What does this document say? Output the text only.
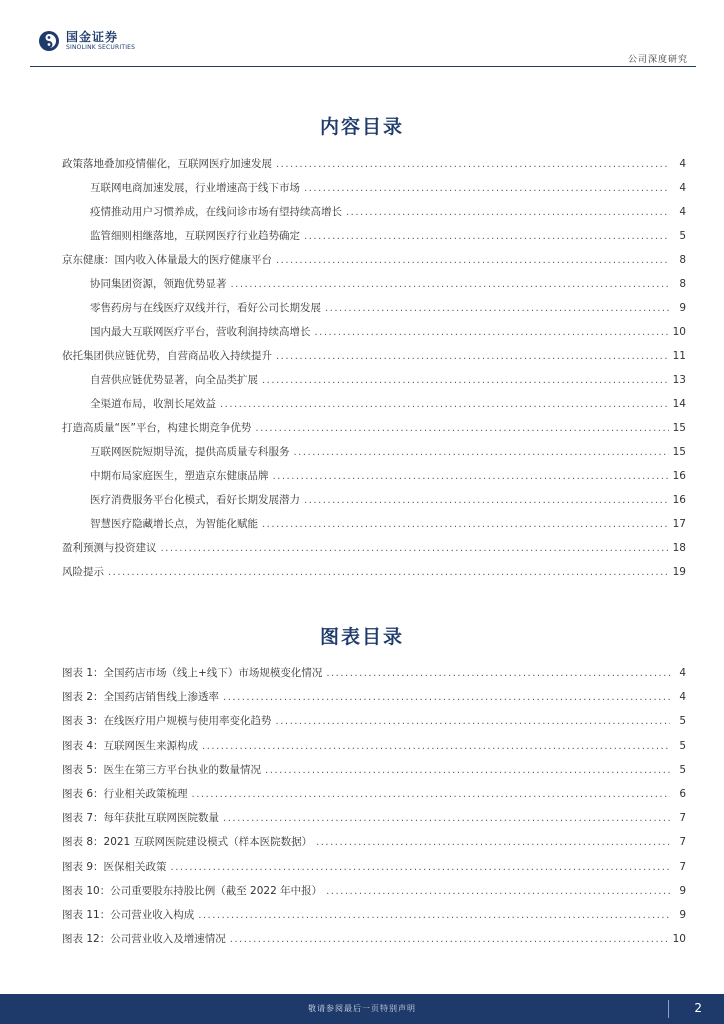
国金证券
SINOLINK SECURITIES
公司深度研究
内容目录
政策落地叠加疫情催化，互联网医疗加速发展 .....	4
互联网电商加速发展，行业增速高于线下市场 .....	4
疫情推动用户习惯养成，在线问诊市场有望持续高增长 .....	4
监管细则相继落地，互联网医疗行业趋势确定 .....	5
京东健康：国内收入体量最大的医疗健康平台 .....	8
协同集团资源，领跑优势显著 .....	8
零售药房与在线医疗双线并行，看好公司长期发展 .....	9
国内最大互联网医疗平台，营收利润持续高增长 .....	10
依托集团供应链优势，自营商品收入持续提升 .....	11
自营供应链优势显著，向全品类扩展 .....	13
全渠道布局，收割长尾效益 .....	14
打造高质量“医”平台，构建长期竞争优势 .....	15
互联网医院短期导流，提供高质量专科服务 .....	15
中期布局家庭医生，塑造京东健康品牌 .....	16
医疗消费服务平台化模式，看好长期发展潜力 .....	16
智慧医疗隐藏增长点，为智能化赋能 .....	17
盈利预测与投资建议 .....	18
风险提示 .....	19
图表目录
图表 1：全国药店市场（线上+线下）市场规模变化情况 .....	4
图表 2：全国药店销售线上渗透率 .....	4
图表 3：在线医疗用户规模与使用率变化趋势 .....	5
图表 4：互联网医生来源构成 .....	5
图表 5：医生在第三方平台执业的数量情况 .....	5
图表 6：行业相关政策梳理 .....	6
图表 7：每年获批互联网医院数量 .....	7
图表 8：2021 互联网医院建设模式（样本医院数据） .....	7
图表 9：医保相关政策 .....	7
图表 10：公司重要股东持股比例（截至 2022 年中报） .....	9
图表 11：公司营业收入构成 .....	9
图表 12：公司营业收入及增速情况 .....	10
敬请参阅最后一页特别声明	2
